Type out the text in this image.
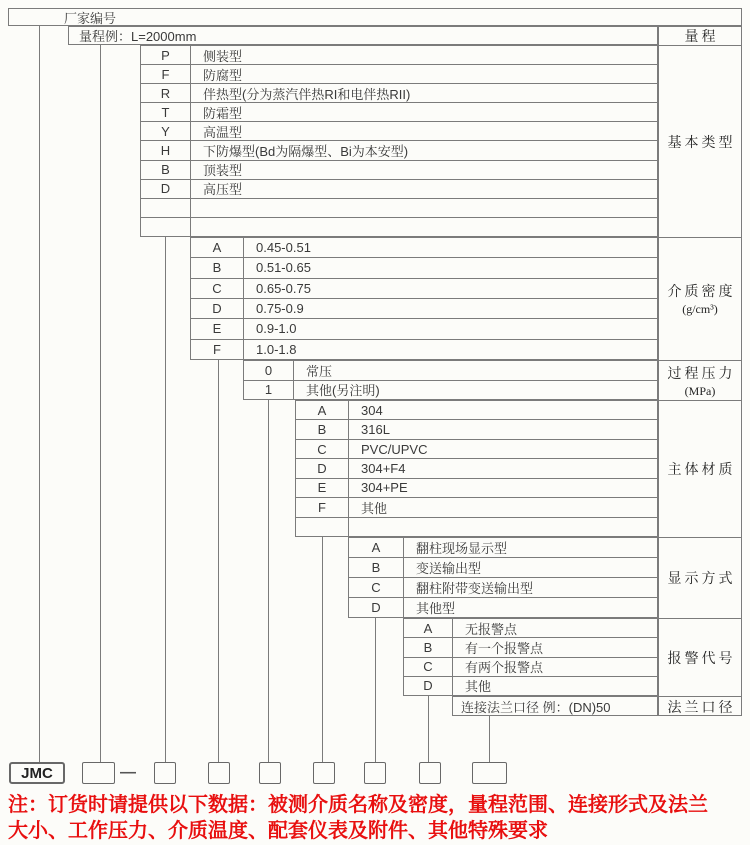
厂家编号
量程例：L=2000mm
注：订货时请提供以下数据：被测介质名称及密度，量程范围、连接形式及法兰
大小、工作压力、介质温度、配套仪表及附件、其他特殊要求
P	侧装型
F	防腐型
R	伴热型(分为蒸汽伴热RI和电伴热RII)
T	防霜型
Y	高温型
H	下防爆型(Bd为隔爆型、Bi为本安型)
B	顶装型
D	高压型
A	0.45-0.51
B	0.51-0.65
C	0.65-0.75
D	0.75-0.9
E	0.9-1.0
F	1.0-1.8
0	常压
1	其他(另注明)
A	304
B	316L
C	PVC/UPVC
D	304+F4
E	304+PE
F	其他
A	翻柱现场显示型
B	变送输出型
C	翻柱附带变送输出型
D	其他型
A	无报警点
B	有一个报警点
C	有两个报警点
D	其他
连接法兰口径 例：(DN)50
量程
基本类型
介质密度
(g/cm³)
过程压力
(MPa)
主体材质
显示方式
报警代号
法兰口径
JMC	—
